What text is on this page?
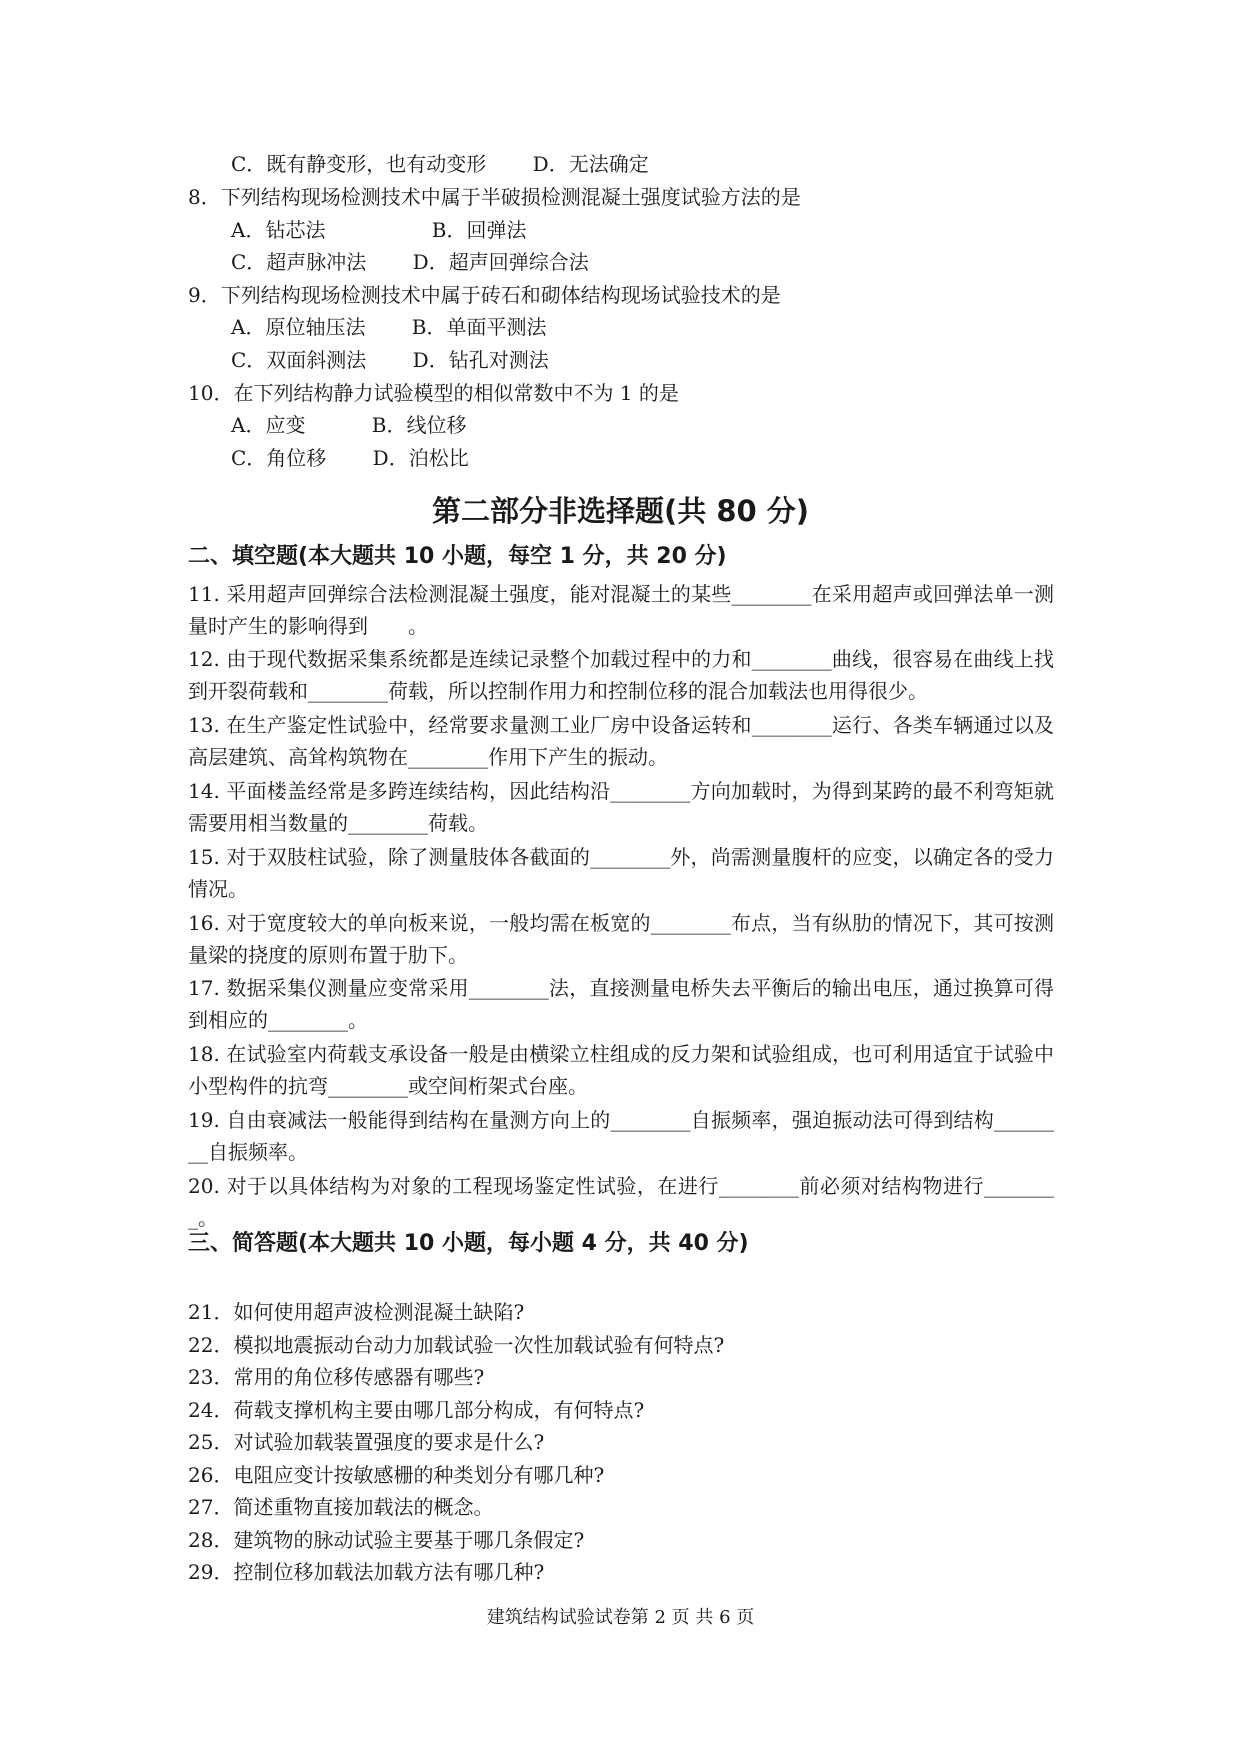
C．既有静变形，也有动变形　　 D．无法确定
8．下列结构现场检测技术中属于半破损检测混凝土强度试验方法的是
A．钻芯法　　　　　 B．回弹法
C．超声脉冲法　　 D．超声回弹综合法
9．下列结构现场检测技术中属于砖石和砌体结构现场试验技术的是
A．原位轴压法　　 B．单面平测法
C．双面斜测法　　 D．钻孔对测法
10．在下列结构静力试验模型的相似常数中不为 1 的是
A．应变　　　 B．线位移
C．角位移　　 D．泊松比
第二部分非选择题(共 80 分)
二、填空题(本大题共 10 小题，每空 1 分，共 20 分)
11. 采用超声回弹综合法检测混凝土强度，能对混凝土的某些________在采用超声或回弹法单一测量时产生的影响得到　　。
12. 由于现代数据采集系统都是连续记录整个加载过程中的力和________曲线，很容易在曲线上找到开裂荷载和________荷载，所以控制作用力和控制位移的混合加载法也用得很少。
13. 在生产鉴定性试验中，经常要求量测工业厂房中设备运转和________运行、各类车辆通过以及高层建筑、高耸构筑物在________作用下产生的振动。
14. 平面楼盖经常是多跨连续结构，因此结构沿________方向加载时，为得到某跨的最不利弯矩就需要用相当数量的________荷载。
15. 对于双肢柱试验，除了测量肢体各截面的________外，尚需测量腹杆的应变，以确定各的受力情况。
16. 对于宽度较大的单向板来说，一般均需在板宽的________布点，当有纵肋的情况下，其可按测量梁的挠度的原则布置于肋下。
17. 数据采集仪测量应变常采用________法，直接测量电桥失去平衡后的输出电压，通过换算可得到相应的________。
18. 在试验室内荷载支承设备一般是由横梁立柱组成的反力架和试验组成，也可利用适宜于试验中小型构件的抗弯________或空间桁架式台座。
19. 自由衰减法一般能得到结构在量测方向上的________自振频率，强迫振动法可得到结构________自振频率。
20. 对于以具体结构为对象的工程现场鉴定性试验，在进行________前必须对结构物进行________。
三、简答题(本大题共 10 小题，每小题 4 分，共 40 分)
21．如何使用超声波检测混凝土缺陷?
22．模拟地震振动台动力加载试验一次性加载试验有何特点?
23．常用的角位移传感器有哪些?
24．荷载支撑机构主要由哪几部分构成，有何特点?
25．对试验加载装置强度的要求是什么?
26．电阻应变计按敏感栅的种类划分有哪几种?
27．简述重物直接加载法的概念。
28．建筑物的脉动试验主要基于哪几条假定?
29．控制位移加载法加载方法有哪几种?
建筑结构试验试卷第 2 页 共 6 页
